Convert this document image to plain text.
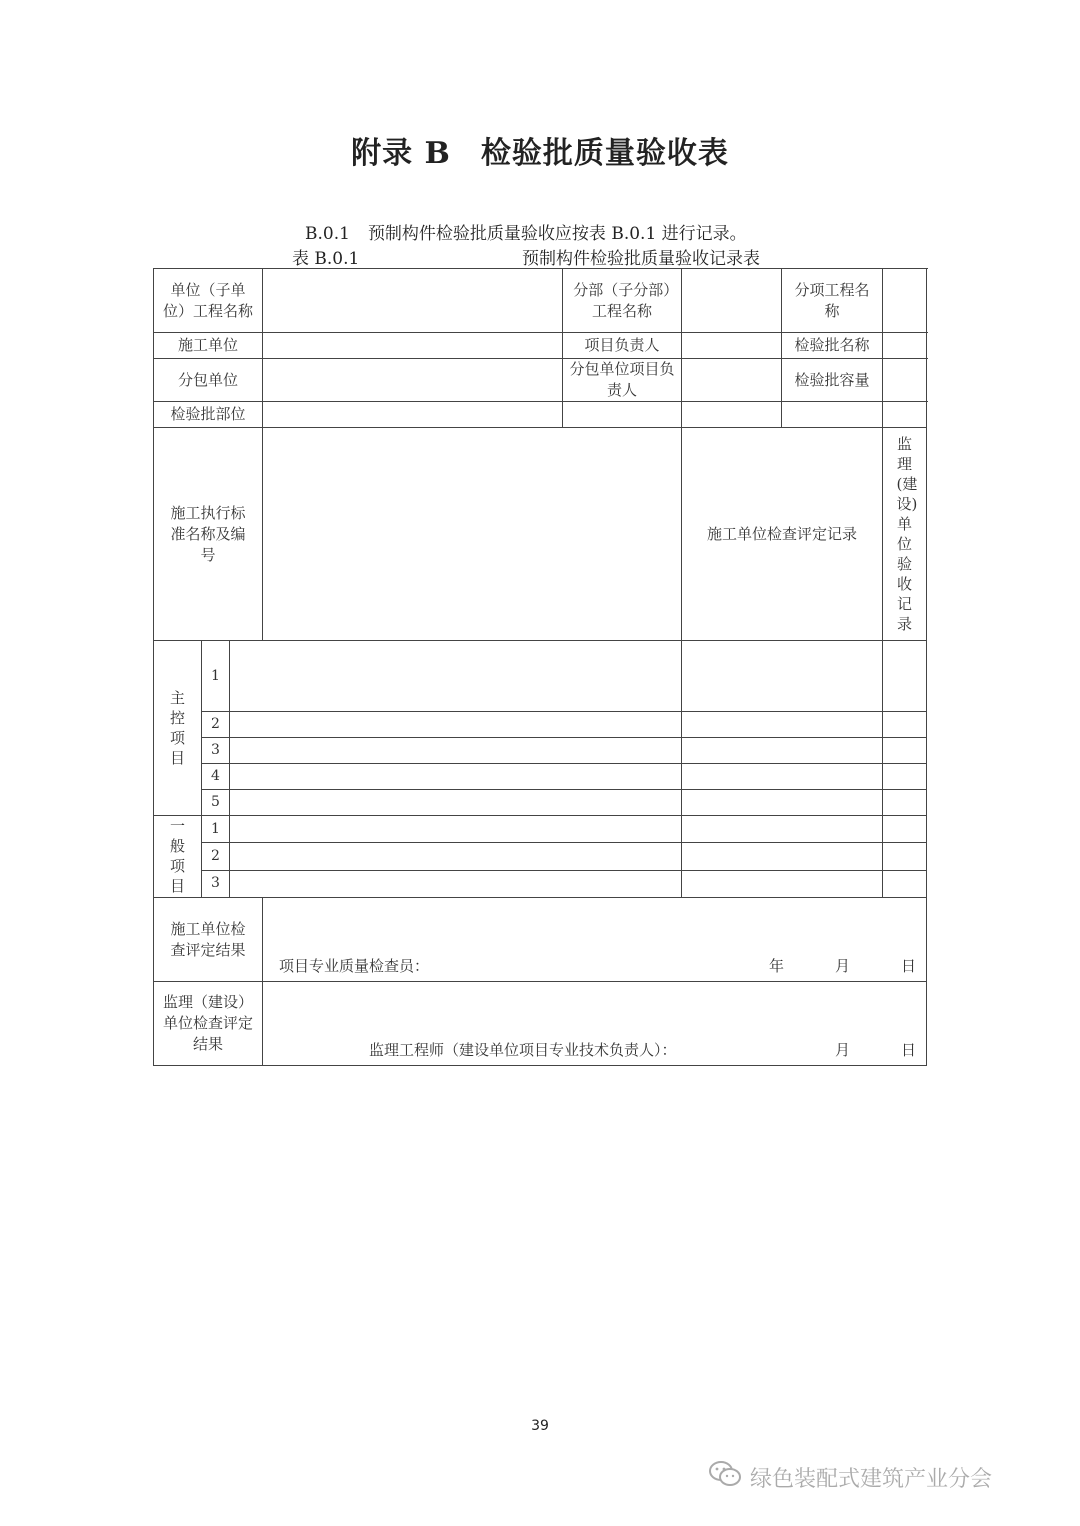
附录 B 检验批质量验收表
B.0.1 预制构件检验批质量验收应按表 B.0.1 进行记录。
表 B.0.1	预制构件检验批质量验收记录表
单位（子单位）工程名称				分部（子分部）工程名称		分项工程名称	
施工单位				项目负责人		检验批名称	
分包单位				分包单位项目负责人		检验批容量	
检验批部位							
施工执行标准名称及编号					施工单位检查评定记录		监理(建设)单位验收记录
主控项目	1						
	2						
	3						
	4						
	5						
一般项目	1						
	2						
	3						
施工单位检查评定结果			项目专业质量检查员： 年 月 日				

监理（建设）单位检查评定结果			监理工程师（建设单位项目专业技术负责人）： 月 日				
39
绿色装配式建筑产业分会
